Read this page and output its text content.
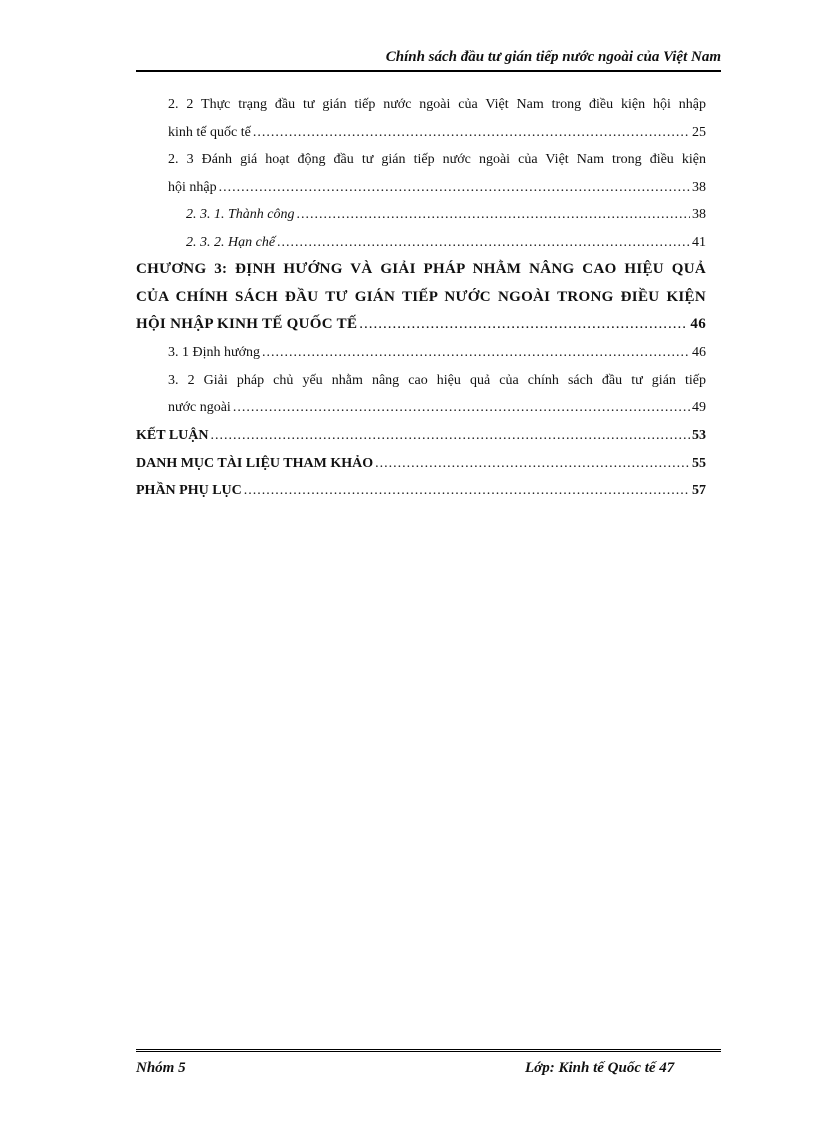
Chính sách đầu tư gián tiếp nước ngoài của Việt Nam
2. 2 Thực trạng đầu tư gián tiếp nước ngoài của Việt Nam trong điều kiện hội nhập
kinh tế quốc tế .....	25
2. 3 Đánh giá hoạt động đầu tư gián tiếp nước ngoài của Việt Nam trong điều kiện
hội nhập .....	38
2. 3. 1. Thành công .....	38
2. 3. 2. Hạn chế .....	41
CHƯƠNG 3: ĐỊNH HƯỚNG VÀ GIẢI PHÁP NHẰM NÂNG CAO HIỆU QUẢ
CỦA CHÍNH SÁCH ĐẦU TƯ GIÁN TIẾP NƯỚC NGOÀI TRONG ĐIỀU KIỆN
HỘI NHẬP KINH TẾ QUỐC TẾ .....	46
3. 1 Định hướng .....	46
3. 2 Giải pháp chủ yếu nhằm nâng cao hiệu quả của chính sách đầu tư gián tiếp
nước ngoài .....	49
KẾT LUẬN .....	53
DANH MỤC TÀI LIỆU THAM KHẢO .....	55
PHẦN PHỤ LỤC .....	57
Nhóm 5	Lớp: Kinh tế Quốc tế 47
